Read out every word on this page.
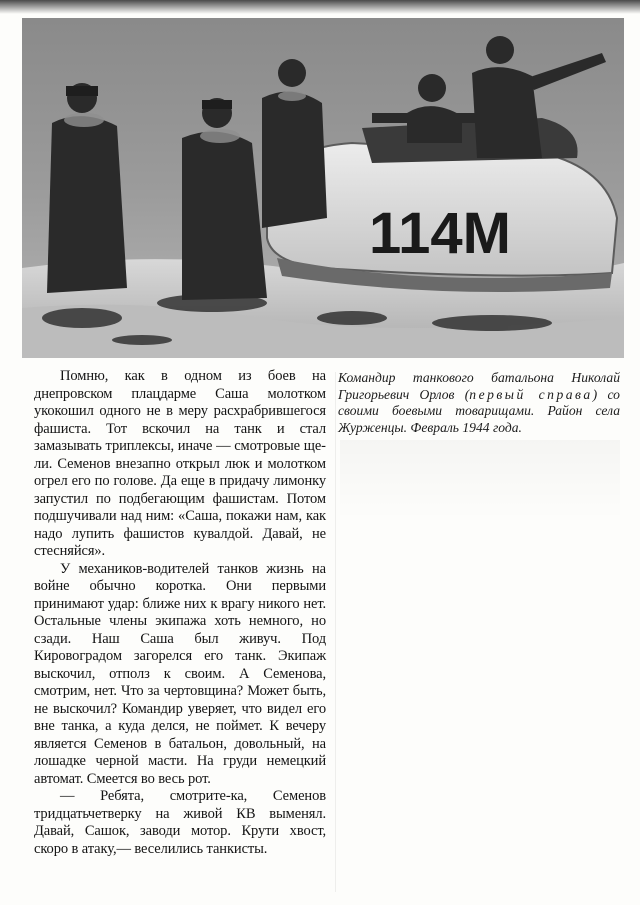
114М

Помню, как в одном из боев на днепровском плацдарме Саша молотком укокошил одного не в меру расхрабрившегося фашиста. Тот вскочил на танк и стал замазывать триплексы, иначе — смотровые щели. Семенов внезапно открыл люк и молотком огрел его по голове. Да еще в придачу лимонку запустил по подбегающим фашистам. Потом подшучивали над ним: «Саша, покажи нам, как надо лупить фашистов кувалдой. Давай, не стесняйся».

У механиков-водителей танков жизнь на войне обычно коротка. Они первыми принимают удар: ближе них к врагу никого нет. Остальные члены экипажа хоть немного, но сзади. Наш Саша был живуч. Под Кировоградом загорелся его танк. Экипаж выскочил, отполз к своим. А Семенова, смотрим, нет. Что за чертовщина? Может быть, не выскочил? Командир уверяет, что видел его вне танка, а куда делся, не поймет. К вечеру является Семенов в батальон, довольный, на лошадке черной масти. На груди немецкий автомат. Смеется во весь рот.

— Ребята, смотрите-ка, Семенов тридцатьчетверку на живой КВ выменял. Давай, Сашок, заводи мотор. Крути хвост, скоро в атаку,— веселились танкисты.

Командир танкового батальона Николай Григорьевич Орлов (первый справа) со своими боевыми товарищами. Район села Журженцы. Февраль 1944 года.
